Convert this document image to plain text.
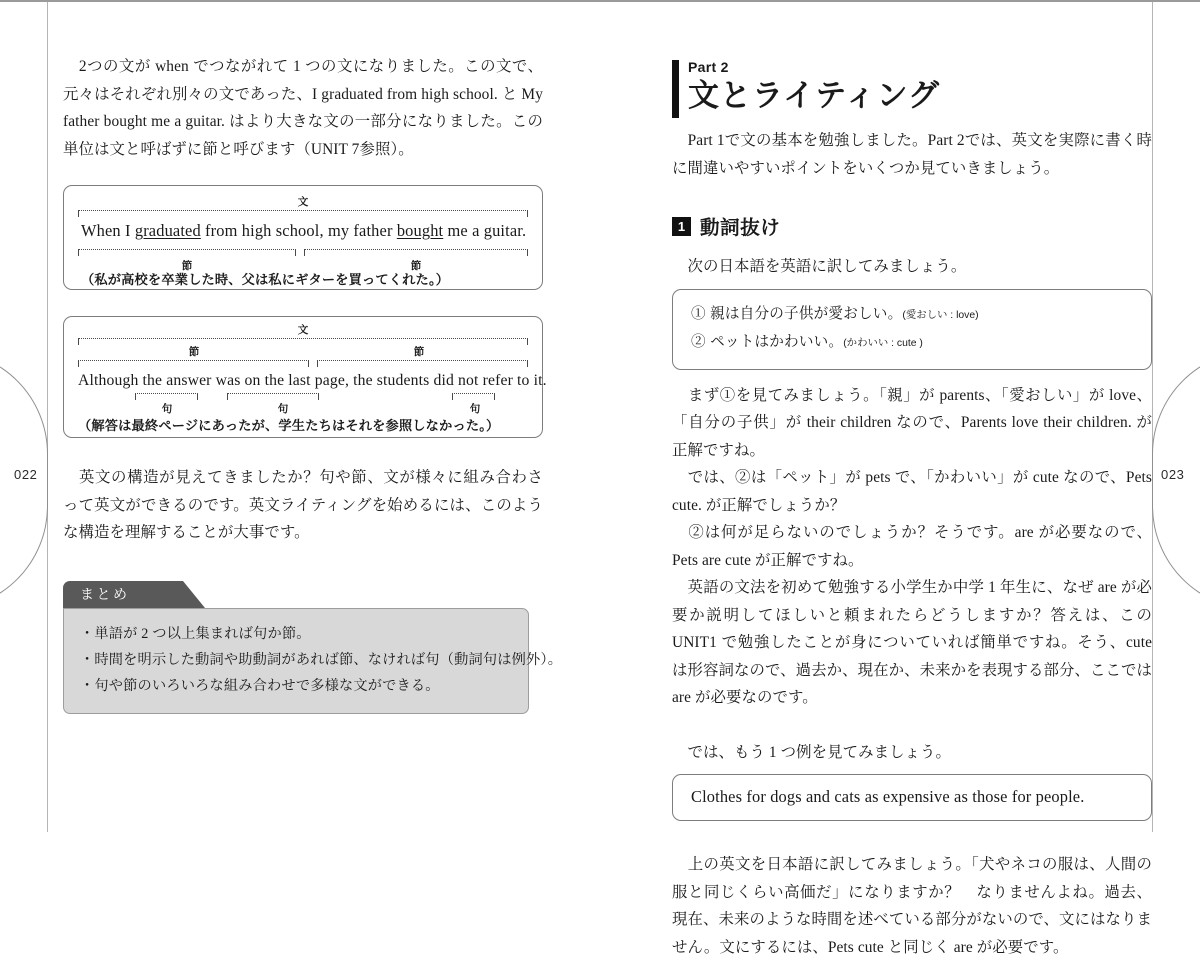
022	023

　2つの文が when でつながれて 1 つの文になりました。この文で、元々はそれぞれ別々の文であった、I graduated from high school. と My father bought me a guitar. はより大きな文の一部分になりました。この単位は文と呼ばずに節と呼びます（UNIT 7参照）。

文
When I graduated from high school, my father bought me a guitar.
節	節
（私が高校を卒業した時、父は私にギターを買ってくれた。）
文
節	節
Although the answer was on the last page, the students did not refer to it.
句	句	句
（解答は最終ページにあったが、学生たちはそれを参照しなかった。）

　英文の構造が見えてきましたか？句や節、文が様々に組み合わさって英文ができるのです。英文ライティングを始めるには、このような構造を理解することが大事です。

まとめ
・単語が 2 つ以上集まれば句か節。
・時間を明示した動詞や助動詞があれば節、なければ句（動詞句は例外）。
・句や節のいろいろな組み合わせで多様な文ができる。
Part 2
文とライティング

　Part 1で文の基本を勉強しました。Part 2では、英文を実際に書く時に間違いやすいポイントをいくつか見ていきましょう。

1 動詞抜け

　次の日本語を英語に訳してみましょう。

① 親は自分の子供が愛おしい。(愛おしい : love)
② ペットはかわいい。(かわいい : cute )

　まず①を見てみましょう。「親」が parents、「愛おしい」が love、「自分の子供」が their children なので、Parents love their children. が正解ですね。

　では、②は「ペット」が pets で、「かわいい」が cute なので、Pets cute. が正解でしょうか？

　②は何が足らないのでしょうか？そうです。are が必要なので、Pets are cute が正解ですね。

　英語の文法を初めて勉強する小学生か中学 1 年生に、なぜ are が必要か説明してほしいと頼まれたらどうしますか？答えは、この UNIT1 で勉強したことが身についていれば簡単ですね。そう、cute は形容詞なので、過去か、現在か、未来かを表現する部分、ここでは are が必要なのです。

　では、もう 1 つ例を見てみましょう。

Clothes for dogs and cats as expensive as those for people.

　上の英文を日本語に訳してみましょう。「犬やネコの服は、人間の服と同じくらい高価だ」になりますか？　なりませんよね。過去、現在、未来のような時間を述べている部分がないので、文にはなりません。文にするには、Pets cute と同じく are が必要です。
